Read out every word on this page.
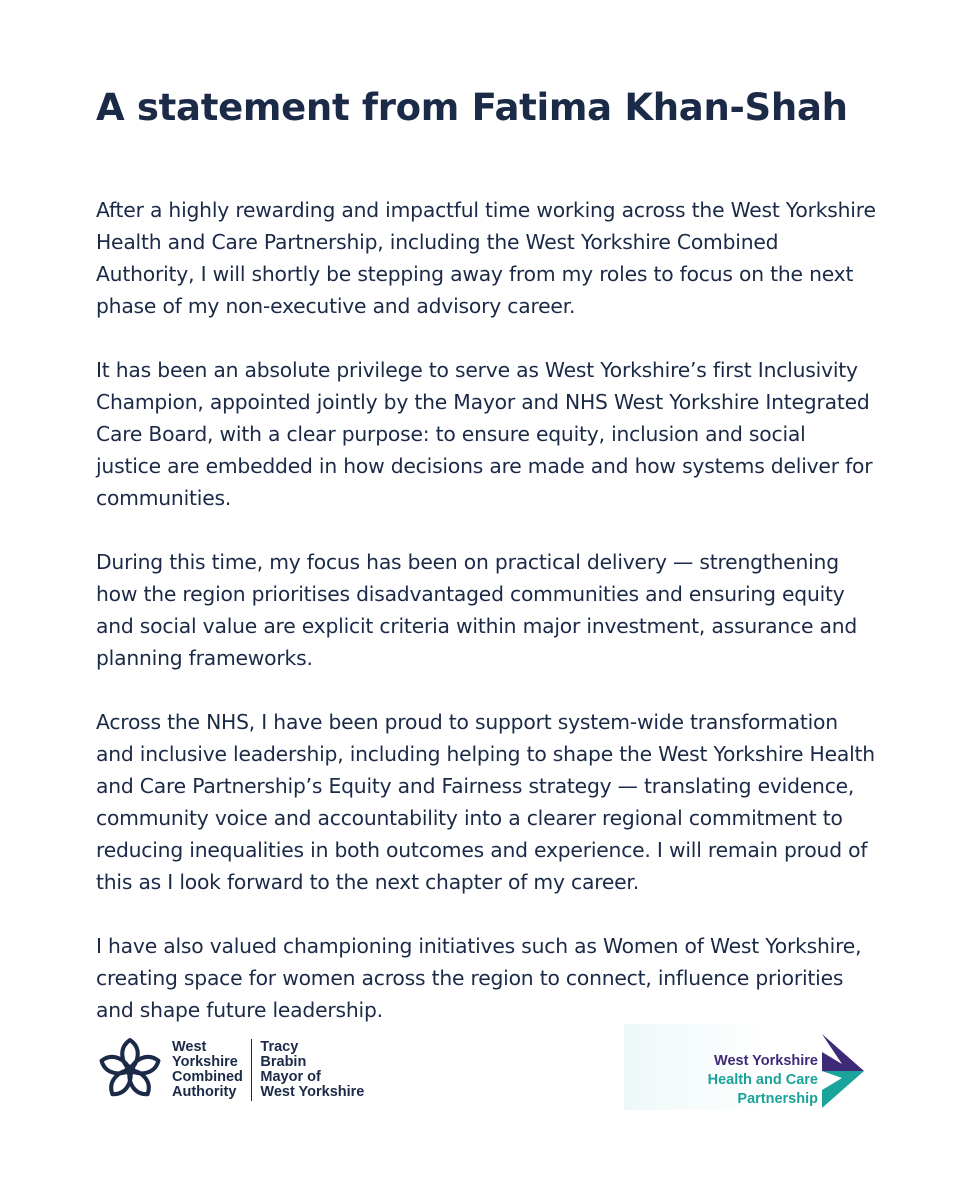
A statement from Fatima Khan-Shah

After a highly rewarding and impactful time working across the West Yorkshire Health and Care Partnership, including the West Yorkshire Combined Authority, I will shortly be stepping away from my roles to focus on the next phase of my non-executive and advisory career.

It has been an absolute privilege to serve as West Yorkshire’s first Inclusivity Champion, appointed jointly by the Mayor and NHS West Yorkshire Integrated Care Board, with a clear purpose: to ensure equity, inclusion and social justice are embedded in how decisions are made and how systems deliver for communities.

During this time, my focus has been on practical delivery — strengthening how the region prioritises disadvantaged communities and ensuring equity and social value are explicit criteria within major investment, assurance and planning frameworks.

Across the NHS, I have been proud to support system-wide transformation and inclusive leadership, including helping to shape the West Yorkshire Health and Care Partnership’s Equity and Fairness strategy — translating evidence, community voice and accountability into a clearer regional commitment to reducing inequalities in both outcomes and experience. I will remain proud of this as I look forward to the next chapter of my career.

I have also valued championing initiatives such as Women of West Yorkshire, creating space for women across the region to connect, influence priorities and shape future leadership.

West
Yorkshire
Combined
Authority
Tracy
Brabin
Mayor of
West Yorkshire
West Yorkshire
Health and Care Partnership
